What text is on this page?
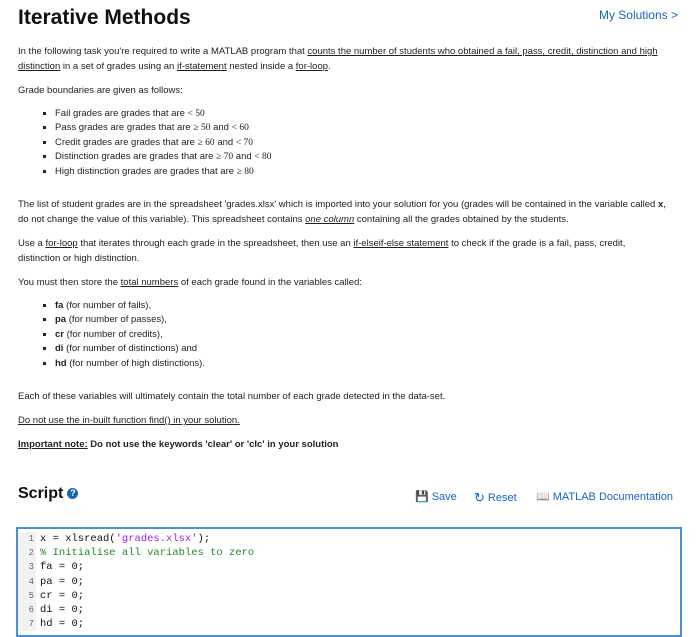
Iterative Methods	My Solutions >

In the following task you're required to write a MATLAB program that counts the number of students who obtained a fail, pass, credit, distinction and high distinction in a set of grades using an if-statement nested inside a for-loop.

Grade boundaries are given as follows:

▪ Fail grades are grades that are < 50
▪ Pass grades are grades that are ≥ 50 and < 60
▪ Credit grades are grades that are ≥ 60 and < 70
▪ Distinction grades are grades that are ≥ 70 and < 80
▪ High distinction grades are grades that are ≥ 80

The list of student grades are in the spreadsheet 'grades.xlsx' which is imported into your solution for you (grades will be contained in the variable called x, do not change the value of this variable). This spreadsheet contains one column containing all the grades obtained by the students.

Use a for-loop that iterates through each grade in the spreadsheet, then use an if-elseif-else statement to check if the grade is a fail, pass, credit, distinction or high distinction.

You must then store the total numbers of each grade found in the variables called:

▪ fa (for number of fails),
▪ pa (for number of passes),
▪ cr (for number of credits),
▪ di (for number of distinctions) and
▪ hd (for number of high distinctions).

Each of these variables will ultimately contain the total number of each grade detected in the data-set.

Do not use the in-built function find() in your solution.

Important note: Do not use the keywords 'clear' or 'clc' in your solution

Script ?	💾 Save ↻ Reset 📖 MATLAB Documentation
1 x = xlsread('grades.xlsx');
2 % Initialise all variables to zero
3 fa = 0;
4 pa = 0;
5 cr = 0;
6 di = 0;
7 hd = 0;
